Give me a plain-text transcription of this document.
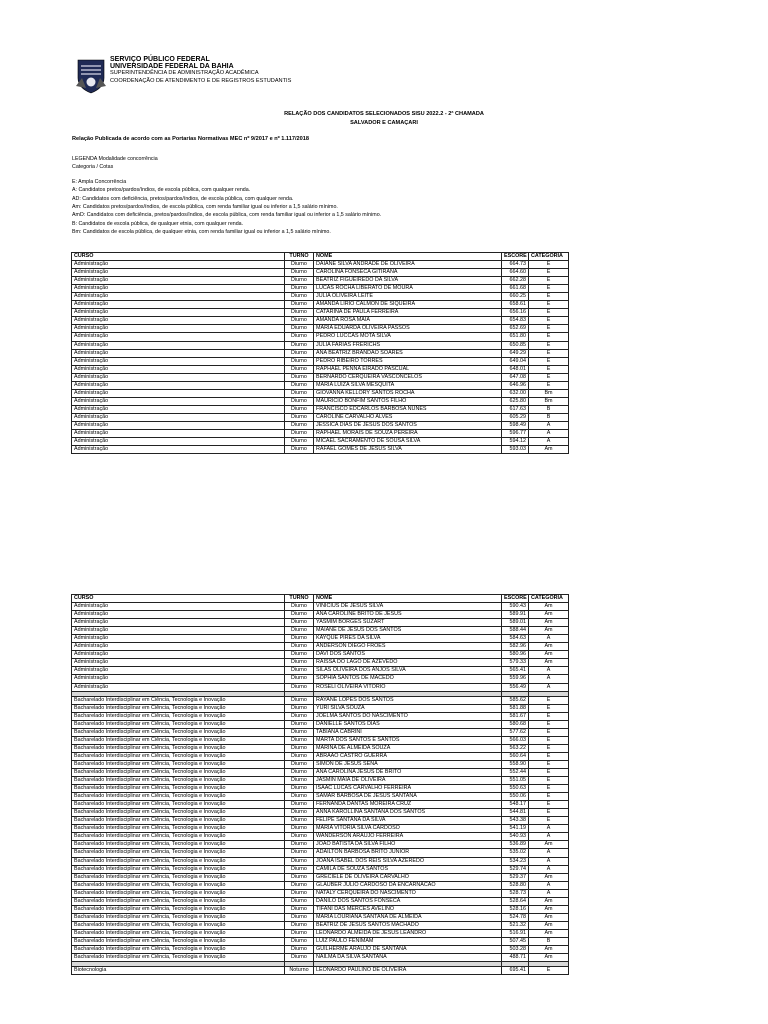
SERVIÇO PÚBLICO FEDERAL
UNIVERSIDADE FEDERAL DA BAHIA
SUPERINTENDÊNCIA DE ADMINISTRAÇÃO ACADÊMICA
COORDENAÇÃO DE ATENDIMENTO E DE REGISTROS ESTUDANTIS
RELAÇÃO DOS CANDIDATOS SELECIONADOS SISU 2022.2 - 2ª CHAMADA
SALVADOR E CAMAÇARI
Relação Publicada de acordo com as Portarias Normativas MEC nº 9/2017 e nº 1.117/2018
LEGENDA Modalidade concorrência
Categoria / Cotas
E: Ampla Concorrência
A: Candidatos pretos/pardos/índios, de escola pública, com qualquer renda.
AD: Candidatos com deficiência, pretos/pardos/índios, de escola pública, com qualquer renda.
Am: Candidatos pretos/pardos/índios, de escola pública, com renda familiar igual ou inferior a 1,5 salário mínimo.
AmD: Candidatos com deficiência, pretos/pardos/índios, de escola pública, com renda familiar igual ou inferior a 1,5 salário mínimo.
B: Candidatos de escola pública, de qualquer etnia, com qualquer renda.
Bm: Candidatos de escola pública, de qualquer etnia, com renda familiar igual ou inferior a 1,5 salário mínimo.
CURSO	TURNO	NOME	ESCORE	CATEGORIA
Administração	Diurno	DAIANE SILVA ANDRADE DE OLIVEIRA	664.73	E
Administração	Diurno	CAROLINA FONSECA GITIRANA	664.60	E
Administração	Diurno	BEATRIZ FIGUEIREDO DA SILVA	662.28	E
Administração	Diurno	LUCAS ROCHA LIBERATO DE MOURA	661.68	E
Administração	Diurno	JULIA OLIVEIRA LEITE	660.25	E
Administração	Diurno	AMANDA LIRIO CALMON DE SIQUEIRA	658.61	E
Administração	Diurno	CATARINA DE PAULA FERREIRA	656.16	E
Administração	Diurno	AMANDA ROSA MAIA	654.83	E
Administração	Diurno	MARIA EDUARDA OLIVEIRA PASSOS	652.69	E
Administração	Diurno	PEDRO LUCCAS MOTA SILVA	651.80	E
Administração	Diurno	JULIA FARIAS FRERICHS	650.85	E
Administração	Diurno	ANA BEATRIZ BRANDAO SOARES	649.29	E
Administração	Diurno	PEDRO RIBEIRO TORRES	649.04	E
Administração	Diurno	RAPHAEL PENNA EIRADO PASCUAL	648.01	E
Administração	Diurno	BERNARDO CERQUEIRA VASCONCELOS	647.08	E
Administração	Diurno	MARIA LUIZA SILVA MESQUITA	646.96	E
Administração	Diurno	GIOVANNA KELLORY SANTOS ROCHA	632.00	Bm
Administração	Diurno	MAURICIO BONFIM SANTOS FILHO	625.80	Bm
Administração	Diurno	FRANCISCO EDCARLOS BARBOSA NUNES	617.63	B
Administração	Diurno	CAROLINE CARVALHO ALVES	605.29	B
Administração	Diurno	JESSICA DIAS DE JESUS DOS SANTOS	598.49	A
Administração	Diurno	RAPHAEL MORAIS DE SOUZA PEREIRA	596.77	A
Administração	Diurno	MICAEL SACRAMENTO DE SOUSA SILVA	594.12	A
Administração	Diurno	RAFAEL GOMES DE JESUS SILVA	593.03	Am
CURSO	TURNO	NOME	ESCORE	CATEGORIA
Administração	Diurno	VINICIUS DE JESUS SILVA	590.43	Am
Administração	Diurno	ANA CAROLINE BRITO DE JESUS	589.91	Am
Administração	Diurno	YASMIM BORGES SUZART	589.01	Am
Administração	Diurno	MAIANE DE JESUS DOS SANTOS	588.44	Am
Administração	Diurno	KAYQUE PIRES DA SILVA	584.63	A
Administração	Diurno	ANDERSON DIEGO FROES	582.96	Am
Administração	Diurno	DAVI DOS SANTOS	580.96	Am
Administração	Diurno	RAISSA DO LAGO DE AZEVEDO	579.33	Am
Administração	Diurno	SILAS OLIVEIRA DOS ANJOS SILVA	565.41	A
Administração	Diurno	SOPHIA SANTOS DE MACEDO	559.96	A
Administração	Diurno	ROSELI OLIVEIRA VITORIO	556.49	A

Bacharelado Interdisciplinar em Ciência, Tecnologia e Inovação	Diurno	RAYANE LOPES DOS SANTOS	585.62	E
Bacharelado Interdisciplinar em Ciência, Tecnologia e Inovação	Diurno	YURI SILVA SOUZA	581.88	E
Bacharelado Interdisciplinar em Ciência, Tecnologia e Inovação	Diurno	JOELMA SANTOS DO NASCIMENTO	581.67	E
Bacharelado Interdisciplinar em Ciência, Tecnologia e Inovação	Diurno	DANIELLE SANTOS DIAS	580.68	E
Bacharelado Interdisciplinar em Ciência, Tecnologia e Inovação	Diurno	TABIANA CABRINI	577.62	E
Bacharelado Interdisciplinar em Ciência, Tecnologia e Inovação	Diurno	MARTA DOS SANTOS E SANTOS	566.03	E
Bacharelado Interdisciplinar em Ciência, Tecnologia e Inovação	Diurno	MARINA DE ALMEIDA SOUZA	563.22	E
Bacharelado Interdisciplinar em Ciência, Tecnologia e Inovação	Diurno	ABRAAO CASTRO GUERRA	560.64	E
Bacharelado Interdisciplinar em Ciência, Tecnologia e Inovação	Diurno	SIMON DE JESUS SENA	558.90	E
Bacharelado Interdisciplinar em Ciência, Tecnologia e Inovação	Diurno	ANA CAROLINA JESUS DE BRITO	552.44	E
Bacharelado Interdisciplinar em Ciência, Tecnologia e Inovação	Diurno	JASMIN MAIA DE OLIVEIRA	551.05	E
Bacharelado Interdisciplinar em Ciência, Tecnologia e Inovação	Diurno	ISAAC LUCAS CARVALHO FERREIRA	550.63	E
Bacharelado Interdisciplinar em Ciência, Tecnologia e Inovação	Diurno	SAMAR BARBOSA DE JESUS SANTANA	550.06	E
Bacharelado Interdisciplinar em Ciência, Tecnologia e Inovação	Diurno	FERNANDA DANTAS MOREIRA CRUZ	548.17	E
Bacharelado Interdisciplinar em Ciência, Tecnologia e Inovação	Diurno	ANNA KAROLLINA SANTANA DOS SANTOS	544.81	E
Bacharelado Interdisciplinar em Ciência, Tecnologia e Inovação	Diurno	FELIPE SANTANA DA SILVA	543.38	E
Bacharelado Interdisciplinar em Ciência, Tecnologia e Inovação	Diurno	MARIA VITORIA SILVA CARDOSO	541.19	A
Bacharelado Interdisciplinar em Ciência, Tecnologia e Inovação	Diurno	WANDERSON ARAUJO FERREIRA	540.93	A
Bacharelado Interdisciplinar em Ciência, Tecnologia e Inovação	Diurno	JOAO BATISTA DA SILVA FILHO	536.89	Am
Bacharelado Interdisciplinar em Ciência, Tecnologia e Inovação	Diurno	ADAILTON BARBOSA BRITO JUNIOR	535.02	A
Bacharelado Interdisciplinar em Ciência, Tecnologia e Inovação	Diurno	JOANA ISABEL DOS REIS SILVA AZEREDO	534.23	A
Bacharelado Interdisciplinar em Ciência, Tecnologia e Inovação	Diurno	CAMILA DE SOUZA SANTOS	529.74	A
Bacharelado Interdisciplinar em Ciência, Tecnologia e Inovação	Diurno	GRECIELE DE OLIVEIRA CARVALHO	529.37	Am
Bacharelado Interdisciplinar em Ciência, Tecnologia e Inovação	Diurno	GLAUBER JULIO CARDOSO DA ENCARNACAO	528.80	A
Bacharelado Interdisciplinar em Ciência, Tecnologia e Inovação	Diurno	NATALY CERQUEIRA DO NASCIMENTO	528.73	A
Bacharelado Interdisciplinar em Ciência, Tecnologia e Inovação	Diurno	DANILO DOS SANTOS FONSECA	528.64	Am
Bacharelado Interdisciplinar em Ciência, Tecnologia e Inovação	Diurno	TIFANI DAS MERCES AVELINO	528.16	Am
Bacharelado Interdisciplinar em Ciência, Tecnologia e Inovação	Diurno	MARIA LOURIANA SANTANA DE ALMEIDA	524.78	Am
Bacharelado Interdisciplinar em Ciência, Tecnologia e Inovação	Diurno	BEATRIZ DE JESUS SANTOS MACHADO	521.32	Am
Bacharelado Interdisciplinar em Ciência, Tecnologia e Inovação	Diurno	LEONARDO ALMEIDA DE JESUS LEANDRO	516.91	Am
Bacharelado Interdisciplinar em Ciência, Tecnologia e Inovação	Diurno	LUIZ PAULO FENIMAM	507.45	B
Bacharelado Interdisciplinar em Ciência, Tecnologia e Inovação	Diurno	GUILHERME ARAUJO DE SANTANA	503.28	Am
Bacharelado Interdisciplinar em Ciência, Tecnologia e Inovação	Diurno	NAILMA DA SILVA SANTANA	488.71	Am

Biotecnologia	Noturno	LEONARDO PAULINO DE OLIVEIRA	695.41	E
